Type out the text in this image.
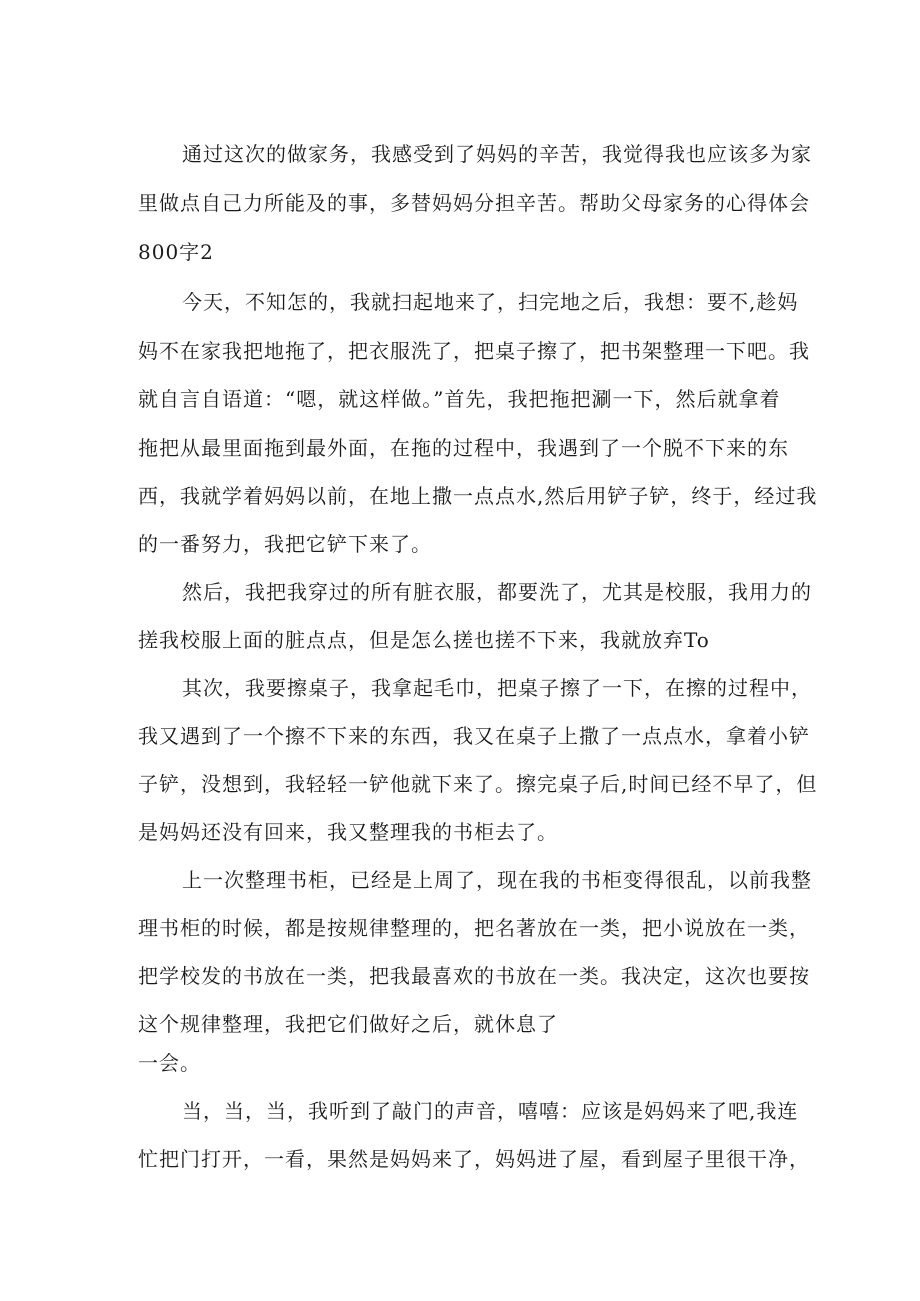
通过这次的做家务，我感受到了妈妈的辛苦，我觉得我也应该多为家
里做点自己力所能及的事，多替妈妈分担辛苦。帮助父母家务的心得体会
800字2
今天，不知怎的，我就扫起地来了，扫完地之后，我想：要不,趁妈
妈不在家我把地拖了，把衣服洗了，把桌子擦了，把书架整理一下吧。我
就自言自语道：“嗯，就这样做。”首先，我把拖把涮一下，然后就拿着
拖把从最里面拖到最外面，在拖的过程中，我遇到了一个脱不下来的东
西，我就学着妈妈以前，在地上撒一点点水,然后用铲子铲，终于，经过我
的一番努力，我把它铲下来了。
然后，我把我穿过的所有脏衣服，都要洗了，尤其是校服，我用力的
搓我校服上面的脏点点，但是怎么搓也搓不下来，我就放弃To
其次，我要擦桌子，我拿起毛巾，把桌子擦了一下，在擦的过程中，
我又遇到了一个擦不下来的东西，我又在桌子上撒了一点点水，拿着小铲
子铲，没想到，我轻轻一铲他就下来了。擦完桌子后,时间已经不早了，但
是妈妈还没有回来，我又整理我的书柜去了。
上一次整理书柜，已经是上周了，现在我的书柜变得很乱，以前我整
理书柜的时候，都是按规律整理的，把名著放在一类，把小说放在一类，
把学校发的书放在一类，把我最喜欢的书放在一类。我决定，这次也要按
这个规律整理，我把它们做好之后，就休息了
一会。
当，当，当，我听到了敲门的声音，嘻嘻：应该是妈妈来了吧,我连
忙把门打开，一看，果然是妈妈来了，妈妈进了屋，看到屋子里很干净，
